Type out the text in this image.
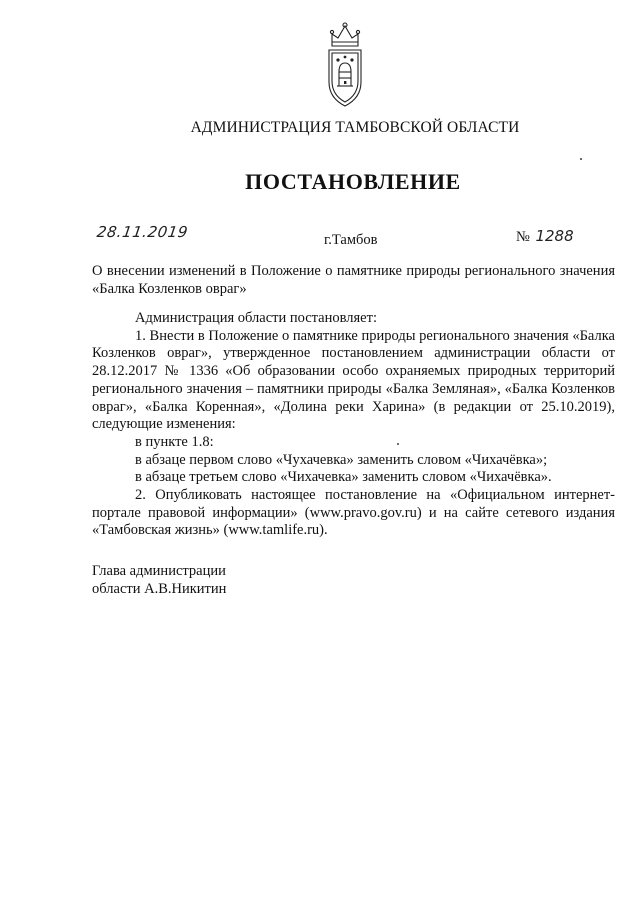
АДМИНИСТРАЦИЯ ТАМБОВСКОЙ ОБЛАСТИ
ПОСТАНОВЛЕНИЕ
28.11.2019	г.Тамбов	№ 1288
О внесении изменений в Положение о памятнике природы регионального значения «Балка Козленков овраг»

Администрация области постановляет:

1. Внести в Положение о памятнике природы регионального значения «Балка Козленков овраг», утвержденное постановлением администрации области от 28.12.2017 № 1336 «Об образовании особо охраняемых природных территорий регионального значения – памятники природы «Балка Земляная», «Балка Козленков овраг», «Балка Коренная», «Долина реки Харина» (в редакции от 25.10.2019), следующие изменения:

в пункте 1.8:

в абзаце первом слово «Чухачевка» заменить словом «Чихачёвка»;

в абзаце третьем слово «Чихачевка» заменить словом «Чихачёвка».

2. Опубликовать настоящее постановление на «Официальном интернет-портале правовой информации» (www.pravo.gov.ru) и на сайте сетевого издания «Тамбовская жизнь» (www.tamlife.ru).

Глава администрации
области А.В.Никитин
